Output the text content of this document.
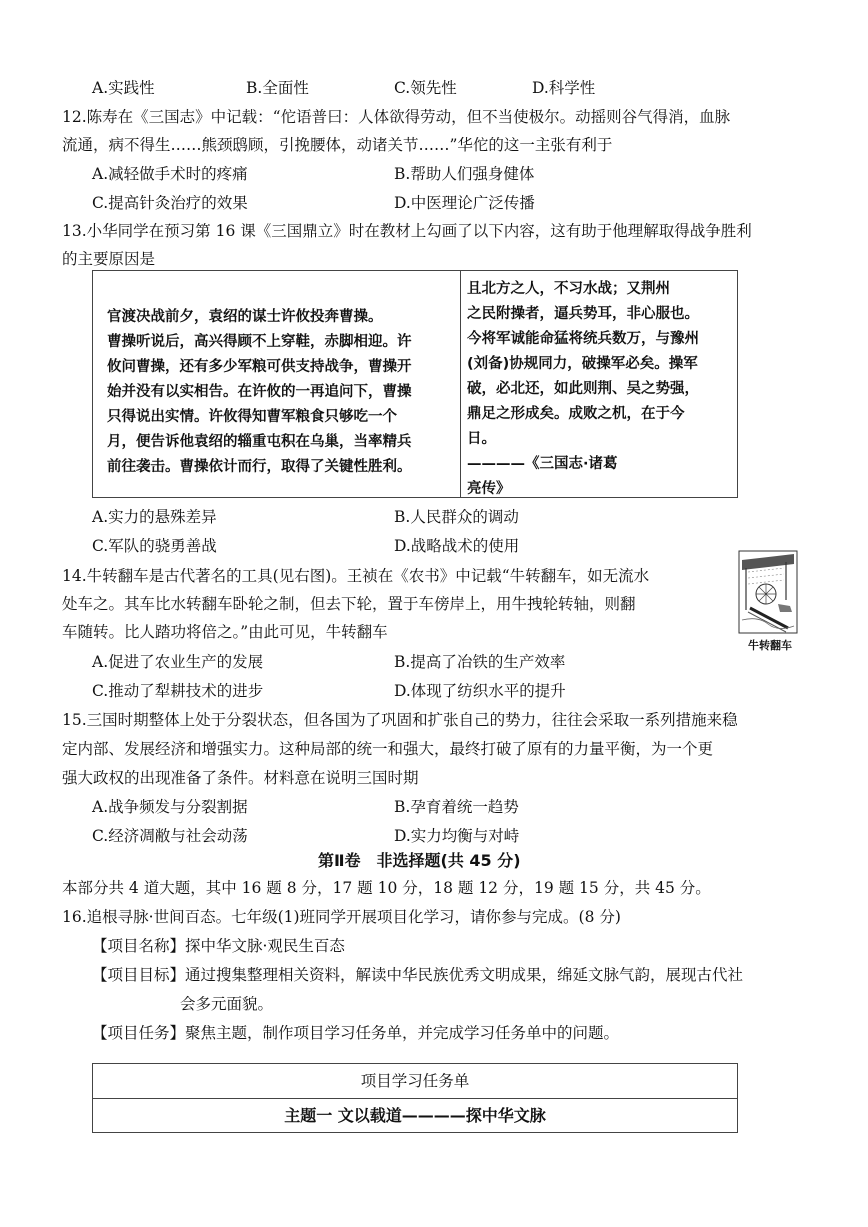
A.实践性	B.全面性	C.领先性	D.科学性
12.陈寿在《三国志》中记载：“佗语普曰：人体欲得劳动，但不当使极尔。动摇则谷气得消，血脉
流通，病不得生……熊颈鸱顾，引挽腰体，动诸关节……”华佗的这一主张有利于
A.减轻做手术时的疼痛	B.帮助人们强身健体
C.提高针灸治疗的效果	D.中医理论广泛传播
13.小华同学在预习第 16 课《三国鼎立》时在教材上勾画了以下内容，这有助于他理解取得战争胜利
的主要原因是
官渡决战前夕，袁绍的谋士许攸投奔曹操。
曹操听说后，高兴得顾不上穿鞋，赤脚相迎。许
攸问曹操，还有多少军粮可供支持战争，曹操开
始并没有以实相告。在许攸的一再追问下，曹操
只得说出实情。许攸得知曹军粮食只够吃一个
月，便告诉他袁绍的辎重屯积在乌巢，当率精兵
前往袭击。曹操依计而行，取得了关键性胜利。
且北方之人，不习水战；又荆州
之民附操者，逼兵势耳，非心服也。
今将军诚能命猛将统兵数万，与豫州
(刘备)协规同力，破操军必矣。操军
破，必北还，如此则荆、吴之势强，
鼎足之形成矣。成败之机，在于今
日。
————《三国志·诸葛
亮传》
A.实力的悬殊差异	B.人民群众的调动
C.军队的骁勇善战	D.战略战术的使用
14.牛转翻车是古代著名的工具(见右图)。王祯在《农书》中记载“牛转翻车，如无流水
处车之。其车比水转翻车卧轮之制，但去下轮，置于车傍岸上，用牛拽轮转轴，则翻
车随转。比人踏功将倍之。”由此可见，牛转翻车
牛转翻车
A.促进了农业生产的发展	B.提高了冶铁的生产效率
C.推动了犁耕技术的进步	D.体现了纺织水平的提升
15.三国时期整体上处于分裂状态，但各国为了巩固和扩张自己的势力，往往会采取一系列措施来稳
定内部、发展经济和增强实力。这种局部的统一和强大，最终打破了原有的力量平衡，为一个更
强大政权的出现准备了条件。材料意在说明三国时期
A.战争频发与分裂割据	B.孕育着统一趋势
C.经济凋敝与社会动荡	D.实力均衡与对峙
第Ⅱ卷　非选择题(共 45 分)
本部分共 4 道大题，其中 16 题 8 分，17 题 10 分，18 题 12 分，19 题 15 分，共 45 分。
16.追根寻脉·世间百态。七年级(1)班同学开展项目化学习，请你参与完成。(8 分)
【项目名称】探中华文脉·观民生百态
【项目目标】通过搜集整理相关资料，解读中华民族优秀文明成果，绵延文脉气韵，展现古代社
会多元面貌。
【项目任务】聚焦主题，制作项目学习任务单，并完成学习任务单中的问题。
项目学习任务单
主题一 文以载道————探中华文脉
